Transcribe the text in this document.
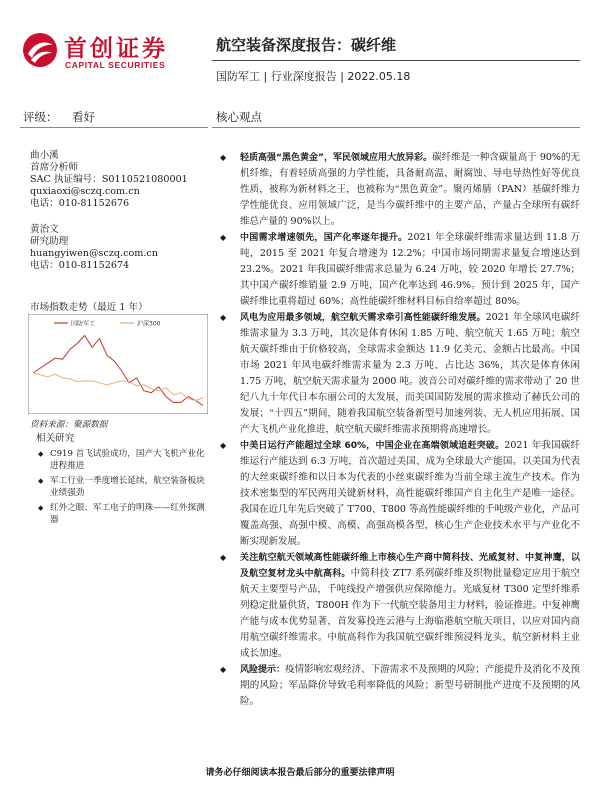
首创证券
CAPITAL SECURITIES
航空装备深度报告：碳纤维
国防军工 | 行业深度报告 | 2022.05.18
评级： 看好	核心观点
曲小溪
首席分析师
SAC 执证编号：S0110521080001
quxiaoxi@sczq.com.cn
电话：010-81152676
黄治文
研究助理
huangyiwen@sczq.com.cn
电话：010-81152674
市场指数走势（最近 1 年）
国防军工	沪深300
资料来源：聚源数据
相关研究
◆ C919 首飞试验成功，国产大飞机产业化进程推进
◆ 军工行业一季度增长延续，航空装备板块业绩强劲
◆ 红外之眼、军工电子的明珠——红外探测器
◆ 轻质高强“黑色黄金”，军民领域应用大放异彩。碳纤维是一种含碳量高于 90%的无机纤维，有着轻质高强的力学性能，具备耐高温、耐腐蚀、导电导热性好等优良性质，被称为新材料之王，也被称为“黑色黄金”。聚丙烯腈（PAN）基碳纤维力学性能优良、应用领域广泛，是当今碳纤维中的主要产品，产量占全球所有碳纤维总产量的 90%以上。
◆ 中国需求增速领先，国产化率逐年提升。2021 年全球碳纤维需求量达到 11.8 万吨，2015 至 2021 年复合增速为 12.2%；中国市场同期需求量复合增速达到 23.2%。2021 年我国碳纤维需求总量为 6.24 万吨，较 2020 年增长 27.7%；其中国产碳纤维销量 2.9 万吨，国产化率达到 46.9%。预计到 2025 年，国产碳纤维比重将超过 60%；高性能碳纤维材料目标自给率超过 80%。
◆ 风电为应用最多领域，航空航天需求牵引高性能碳纤维发展。2021 年全球风电碳纤维需求量为 3.3 万吨，其次是体育休闲 1.85 万吨、航空航天 1.65 万吨；航空航天碳纤维由于价格较高，全球需求金额达 11.9 亿美元、金额占比最高。中国市场 2021 年风电碳纤维需求量为 2.3 万吨、占比达 36%，其次是体育休闲 1.75 万吨，航空航天需求量为 2000 吨。波音公司对碳纤维的需求带动了 20 世纪八九十年代日本东丽公司的大发展，而美国国防发展的需求推动了赫氏公司的发展；“十四五”期间，随着我国航空装备新型号加速列装、无人机应用拓展、国产大飞机产业化推进，航空航天碳纤维需求预期将高速增长。
◆ 中美日运行产能超过全球 60%，中国企业在高端领域追赶突破。2021 年我国碳纤维运行产能达到 6.3 万吨，首次超过美国、成为全球最大产能国。以美国为代表的大丝束碳纤维和以日本为代表的小丝束碳纤维为当前全球主流生产技术。作为技术密集型的军民两用关键新材料，高性能碳纤维国产自主化生产是唯一途径。我国在近几年先后突破了 T700、T800 等高性能碳纤维的千吨级产业化，产品可覆盖高强、高强中模、高模、高强高模各型，核心生产企业技术水平与产业化不断实现新发展。
◆ 关注航空航天领域高性能碳纤维上市核心生产商中简科技、光威复材、中复神鹰，以及航空复材龙头中航高科。中简科技 ZT7 系列碳纤维及织物批量稳定应用于航空航天主要型号产品，千吨线投产增强供应保障能力。光威复材 T300 定型纤维系列稳定批量供货，T800H 作为下一代航空装备用主力材料，验证推进。中复神鹰产能与成本优势显著，首发募投连云港与上海临港航空航天项目，以应对国内商用航空碳纤维需求。中航高科作为我国航空碳纤维预浸料龙头，航空新材料主业成长加速。
◆ 风险提示：疫情影响宏观经济、下游需求不及预期的风险；产能提升及消化不及预期的风险；军品降价导致毛利率降低的风险；新型号研制批产进度不及预期的风险。
请务必仔细阅读本报告最后部分的重要法律声明
